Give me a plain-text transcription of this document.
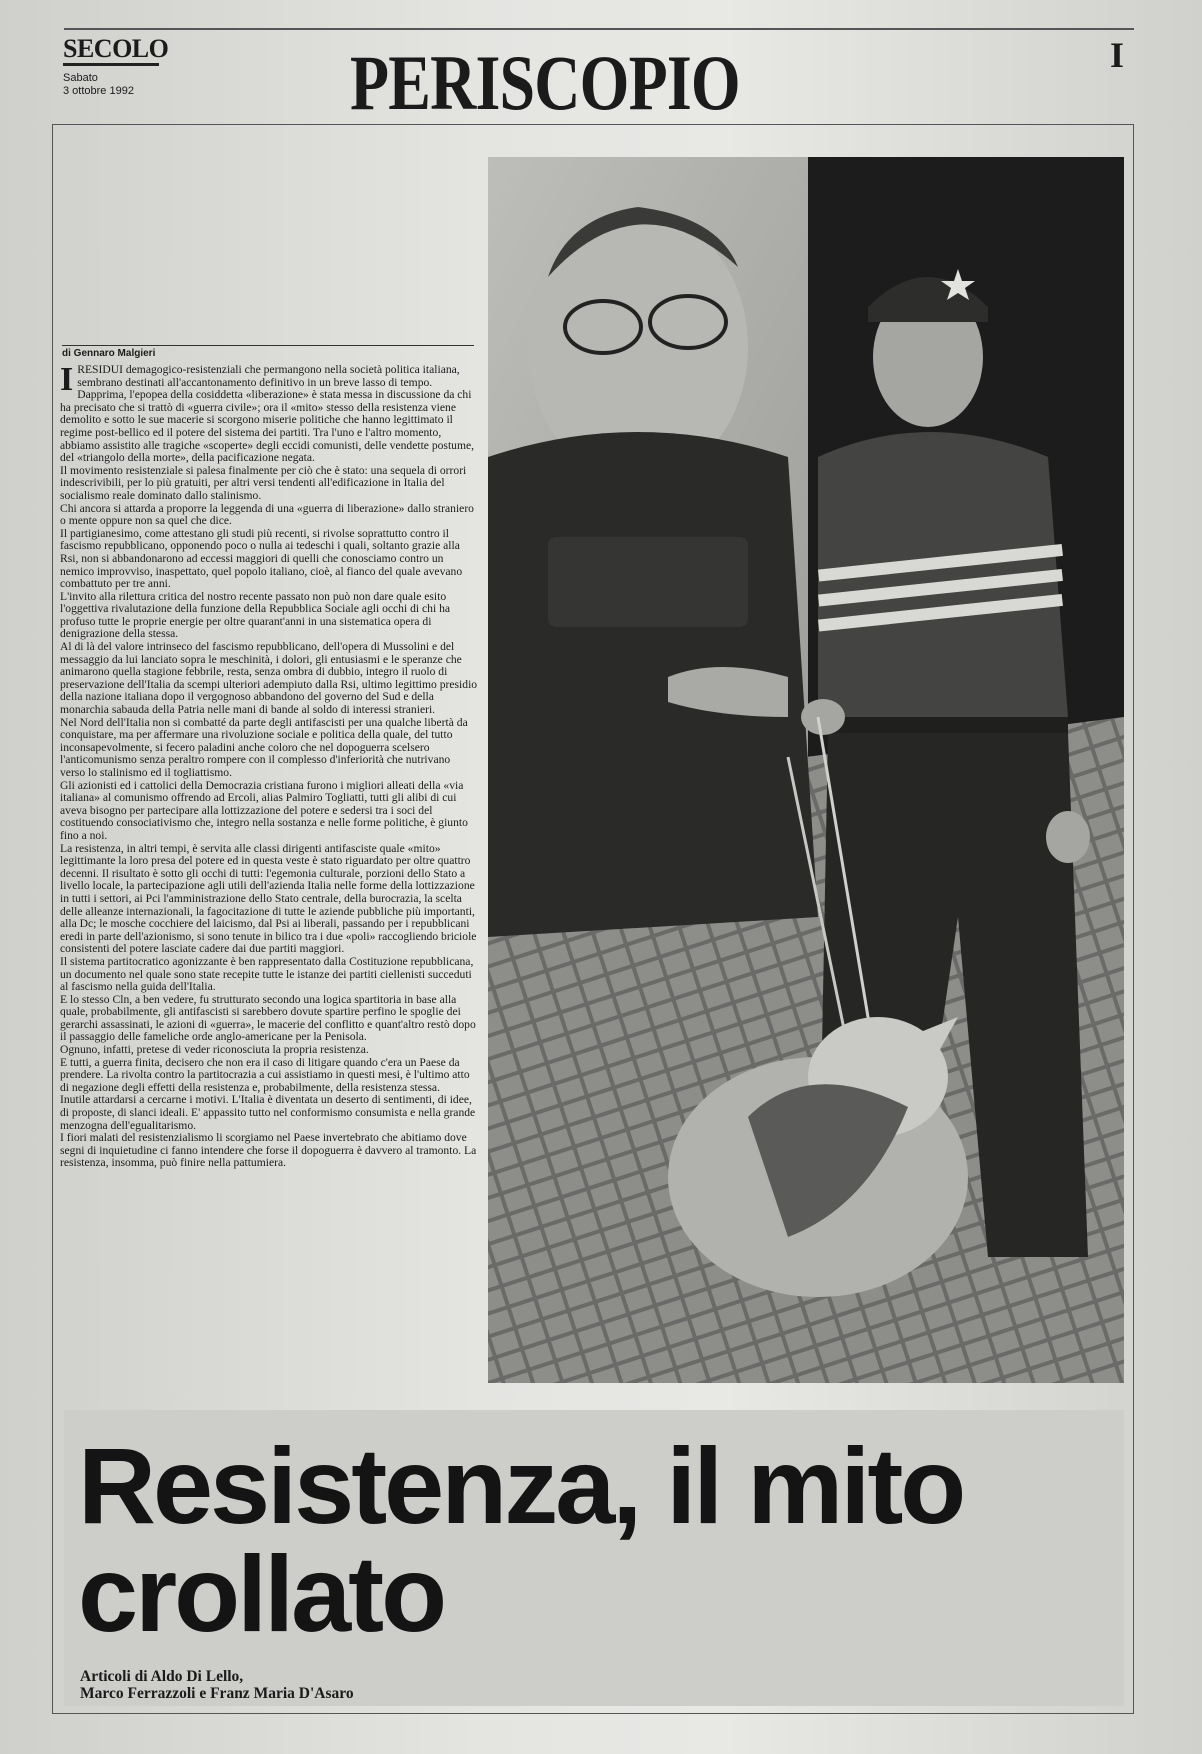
SECOLO
Sabato
3 ottobre 1992	PERISCOPIO	I
di Gennaro Malgieri

IRESIDUI demagogico-resistenziali che permangono nella società politica italiana, sembrano destinati all'accantonamento definitivo in un breve lasso di tempo. Dapprima, l'epopea della cosiddetta «liberazione» è stata messa in discussione da chi ha precisato che si trattò di «guerra civile»; ora il «mito» stesso della resistenza viene demolito e sotto le sue macerie si scorgono miserie politiche che hanno legittimato il regime post-bellico ed il potere del sistema dei partiti. Tra l'uno e l'altro momento, abbiamo assistito alle tragiche «scoperte» degli eccidi comunisti, delle vendette postume, del «triangolo della morte», della pacificazione negata.

Il movimento resistenziale si palesa finalmente per ciò che è stato: una sequela di orrori indescrivibili, per lo più gratuiti, per altri versi tendenti all'edificazione in Italia del socialismo reale dominato dallo stalinismo.

Chi ancora si attarda a proporre la leggenda di una «guerra di liberazione» dallo straniero o mente oppure non sa quel che dice.

Il partigianesimo, come attestano gli studi più recenti, si rivolse soprattutto contro il fascismo repubblicano, opponendo poco o nulla ai tedeschi i quali, soltanto grazie alla Rsi, non si abbandonarono ad eccessi maggiori di quelli che conosciamo contro un nemico improvviso, inaspettato, quel popolo italiano, cioè, al fianco del quale avevano combattuto per tre anni.

L'invito alla rilettura critica del nostro recente passato non può non dare quale esito l'oggettiva rivalutazione della funzione della Repubblica Sociale agli occhi di chi ha profuso tutte le proprie energie per oltre quarant'anni in una sistematica opera di denigrazione della stessa.

Al di là del valore intrinseco del fascismo repubblicano, dell'opera di Mussolini e del messaggio da lui lanciato sopra le meschinità, i dolori, gli entusiasmi e le speranze che animarono quella stagione febbrile, resta, senza ombra di dubbio, integro il ruolo di preservazione dell'Italia da scempi ulteriori adempiuto dalla Rsi, ultimo legittimo presidio della nazione italiana dopo il vergognoso abbandono del governo del Sud e della monarchia sabauda della Patria nelle mani di bande al soldo di interessi stranieri.

Nel Nord dell'Italia non si combatté da parte degli antifascisti per una qualche libertà da conquistare, ma per affermare una rivoluzione sociale e politica della quale, del tutto inconsapevolmente, si fecero paladini anche coloro che nel dopoguerra scelsero l'anticomunismo senza peraltro rompere con il complesso d'inferiorità che nutrivano verso lo stalinismo ed il togliattismo.

Gli azionisti ed i cattolici della Democrazia cristiana furono i migliori alleati della «via italiana» al comunismo offrendo ad Ercoli, alias Palmiro Togliatti, tutti gli alibi di cui aveva bisogno per partecipare alla lottizzazione del potere e sedersi tra i soci del costituendo consociativismo che, integro nella sostanza e nelle forme politiche, è giunto fino a noi.

La resistenza, in altri tempi, è servita alle classi dirigenti antifasciste quale «mito» legittimante la loro presa del potere ed in questa veste è stato riguardato per oltre quattro decenni. Il risultato è sotto gli occhi di tutti: l'egemonia culturale, porzioni dello Stato a livello locale, la partecipazione agli utili dell'azienda Italia nelle forme della lottizzazione in tutti i settori, ai Pci l'amministrazione dello Stato centrale, della burocrazia, la scelta delle alleanze internazionali, la fagocitazione di tutte le aziende pubbliche più importanti, alla Dc; le mosche cocchiere del laicismo, dal Psi ai liberali, passando per i repubblicani eredi in parte dell'azionismo, si sono tenute in bilico tra i due «poli» raccogliendo briciole consistenti del potere lasciate cadere dai due partiti maggiori.

Il sistema partitocratico agonizzante è ben rappresentato dalla Costituzione repubblicana, un documento nel quale sono state recepite tutte le istanze dei partiti ciellenisti succeduti al fascismo nella guida dell'Italia.

E lo stesso Cln, a ben vedere, fu strutturato secondo una logica spartitoria in base alla quale, probabilmente, gli antifascisti si sarebbero dovute spartire perfino le spoglie dei gerarchi assassinati, le azioni di «guerra», le macerie del conflitto e quant'altro restò dopo il passaggio delle fameliche orde anglo-americane per la Penisola.

Ognuno, infatti, pretese di veder riconosciuta la propria resistenza.

E tutti, a guerra finita, decisero che non era il caso di litigare quando c'era un Paese da prendere. La rivolta contro la partitocrazia a cui assistiamo in questi mesi, è l'ultimo atto di negazione degli effetti della resistenza e, probabilmente, della resistenza stessa.

Inutile attardarsi a cercarne i motivi. L'Italia è diventata un deserto di sentimenti, di idee, di proposte, di slanci ideali. E' appassito tutto nel conformismo consumista e nella grande menzogna dell'egualitarismo.

I fiori malati del resistenzialismo li scorgiamo nel Paese invertebrato che abitiamo dove segni di inquietudine ci fanno intendere che forse il dopoguerra è davvero al tramonto. La resistenza, insomma, può finire nella pattumiera.

Resistenza, il mito
crollato
Articoli di Aldo Di Lello,
Marco Ferrazzoli e Franz Maria D'Asaro
